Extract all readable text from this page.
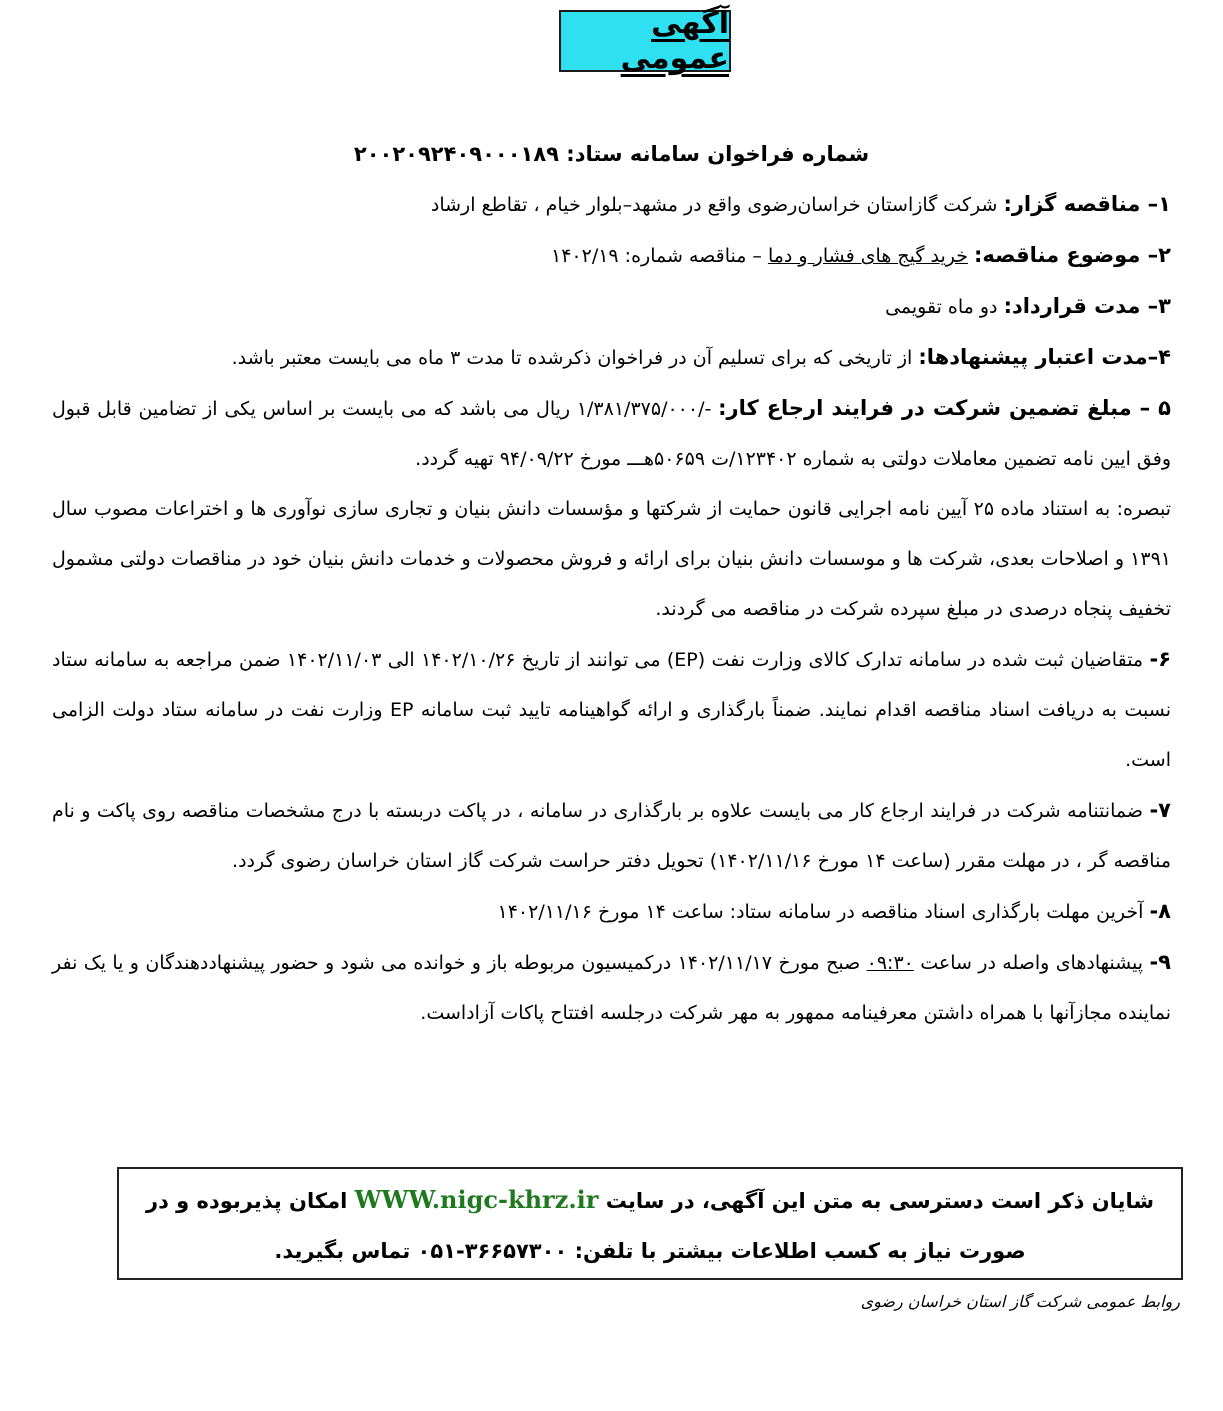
آگهی عمومی

شماره فراخوان سامانه ستاد: ۲۰۰۲۰۹۲۴۰۹۰۰۰۱۸۹

۱– مناقصه گزار: شرکت گازاستان خراسان‌رضوی واقع در مشهد–بلوار خیام ، تقاطع ارشاد

۲– موضوع مناقصه: خرید گیج های فشار و دما – مناقصه شماره: ۱۴۰۲/۱۹

۳– مدت قرارداد: دو ماه تقویمی

۴–مدت اعتبار پیشنهادها: از تاریخی که برای تسلیم آن در فراخوان ذکرشده تا مدت ۳ ماه می بایست معتبر باشد.

۵ – مبلغ تضمین شرکت در فرایند ارجاع کار: -/۱/۳۸۱/۳۷۵/۰۰۰ ریال می باشد که می بایست بر اساس یکی از تضامین قابل قبول وفق ایین نامه تضمین معاملات دولتی به شماره ۱۲۳۴۰۲/ت ۵۰۶۵۹هـــ مورخ ۹۴/۰۹/۲۲ تهیه گردد.

تبصره: به استناد ماده ۲۵ آیین نامه اجرایی قانون حمایت از شرکتها و مؤسسات دانش بنیان و تجاری سازی نوآوری ها و اختراعات مصوب سال ۱۳۹۱ و اصلاحات بعدی، شرکت ها و موسسات دانش بنیان برای ارائه و فروش محصولات و خدمات دانش بنیان خود در مناقصات دولتی مشمول تخفیف پنجاه درصدی در مبلغ سپرده شرکت در مناقصه می گردند.

۶- متقاضیان ثبت شده در سامانه تدارک کالای وزارت نفت (EP) می توانند از تاریخ ۱۴۰۲/۱۰/۲۶ الی ۱۴۰۲/۱۱/۰۳ ضمن مراجعه به سامانه ستاد نسبت به دریافت اسناد مناقصه اقدام نمایند. ضمناً بارگذاری و ارائه گواهینامه تایید ثبت سامانه EP وزارت نفت در سامانه ستاد دولت الزامی است.

۷- ضمانتنامه شرکت در فرایند ارجاع کار می بایست علاوه بر بارگذاری در سامانه ، در پاکت دربسته با درج مشخصات مناقصه روی پاکت و نام مناقصه گر ، در مهلت مقرر (ساعت ۱۴ مورخ ۱۴۰۲/۱۱/۱۶) تحویل دفتر حراست شرکت گاز استان خراسان رضوی گردد.

۸- آخرین مهلت بارگذاری اسناد مناقصه در سامانه ستاد: ساعت ۱۴ مورخ ۱۴۰۲/۱۱/۱۶

۹- پیشنهادهای واصله در ساعت ۰۹:۳۰ صبح مورخ ۱۴۰۲/۱۱/۱۷ درکمیسیون مربوطه باز و خوانده می شود و حضور پیشنهاددهندگان و یا یک نفر نماینده مجازآنها با همراه داشتن معرفینامه ممهور به مهر شرکت درجلسه افتتاح پاکات آزاداست.

شایان ذکر است دسترسی به متن این آگهی، در سایت WWW.nigc-khrz.ir امکان پذیربوده و در صورت نیاز به کسب اطلاعات بیشتر با تلفن: ۳۶۶۵۷۳۰۰-۰۵۱ تماس بگیرید.
روابط عمومی شرکت گاز استان خراسان رضوی
